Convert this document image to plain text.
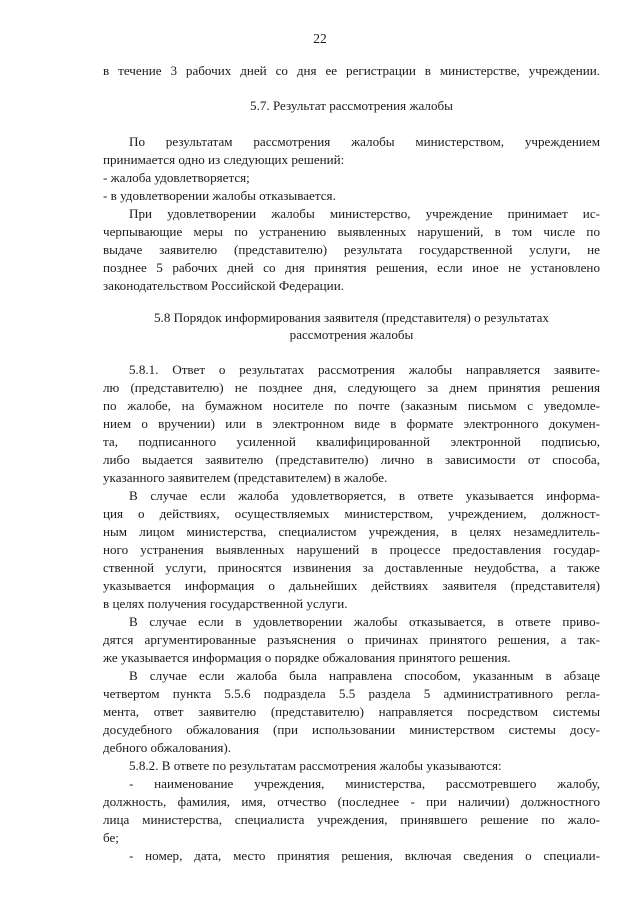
22
в течение 3 рабочих дней со дня ее регистрации в министерстве, учреждении.
5.7. Результат рассмотрения жалобы
По результатам рассмотрения жалобы министерством, учреждением
принимается одно из следующих решений:
- жалоба удовлетворяется;
- в удовлетворении жалобы отказывается.
При удовлетворении жалобы министерство, учреждение принимает ис-
черпывающие меры по устранению выявленных нарушений, в том числе по
выдаче заявителю (представителю) результата государственной услуги, не
позднее 5 рабочих дней со дня принятия решения, если иное не установлено
законодательством Российской Федерации.
5.8 Порядок информирования заявителя (представителя) о результатах
рассмотрения жалобы
5.8.1. Ответ о результатах рассмотрения жалобы направляется заявите-
лю (представителю) не позднее дня, следующего за днем принятия решения
по жалобе, на бумажном носителе по почте (заказным письмом с уведомле-
нием о вручении) или в электронном виде в формате электронного докумен-
та, подписанного усиленной квалифицированной электронной подписью,
либо выдается заявителю (представителю) лично в зависимости от способа,
указанного заявителем (представителем) в жалобе.
В случае если жалоба удовлетворяется, в ответе указывается информа-
ция о действиях, осуществляемых министерством, учреждением, должност-
ным лицом министерства, специалистом учреждения, в целях незамедлитель-
ного устранения выявленных нарушений в процессе предоставления государ-
ственной услуги, приносятся извинения за доставленные неудобства, а также
указывается информация о дальнейших действиях заявителя (представителя)
в целях получения государственной услуги.
В случае если в удовлетворении жалобы отказывается, в ответе приво-
дятся аргументированные разъяснения о причинах принятого решения, а так-
же указывается информация о порядке обжалования принятого решения.
В случае если жалоба была направлена способом, указанным в абзаце
четвертом пункта 5.5.6 подраздела 5.5 раздела 5 административного регла-
мента, ответ заявителю (представителю) направляется посредством системы
досудебного обжалования (при использовании министерством системы досу-
дебного обжалования).
5.8.2. В ответе по результатам рассмотрения жалобы указываются:
- наименование учреждения, министерства, рассмотревшего жалобу,
должность, фамилия, имя, отчество (последнее - при наличии) должностного
лица министерства, специалиста учреждения, принявшего решение по жало-
бе;
- номер, дата, место принятия решения, включая сведения о специали-
